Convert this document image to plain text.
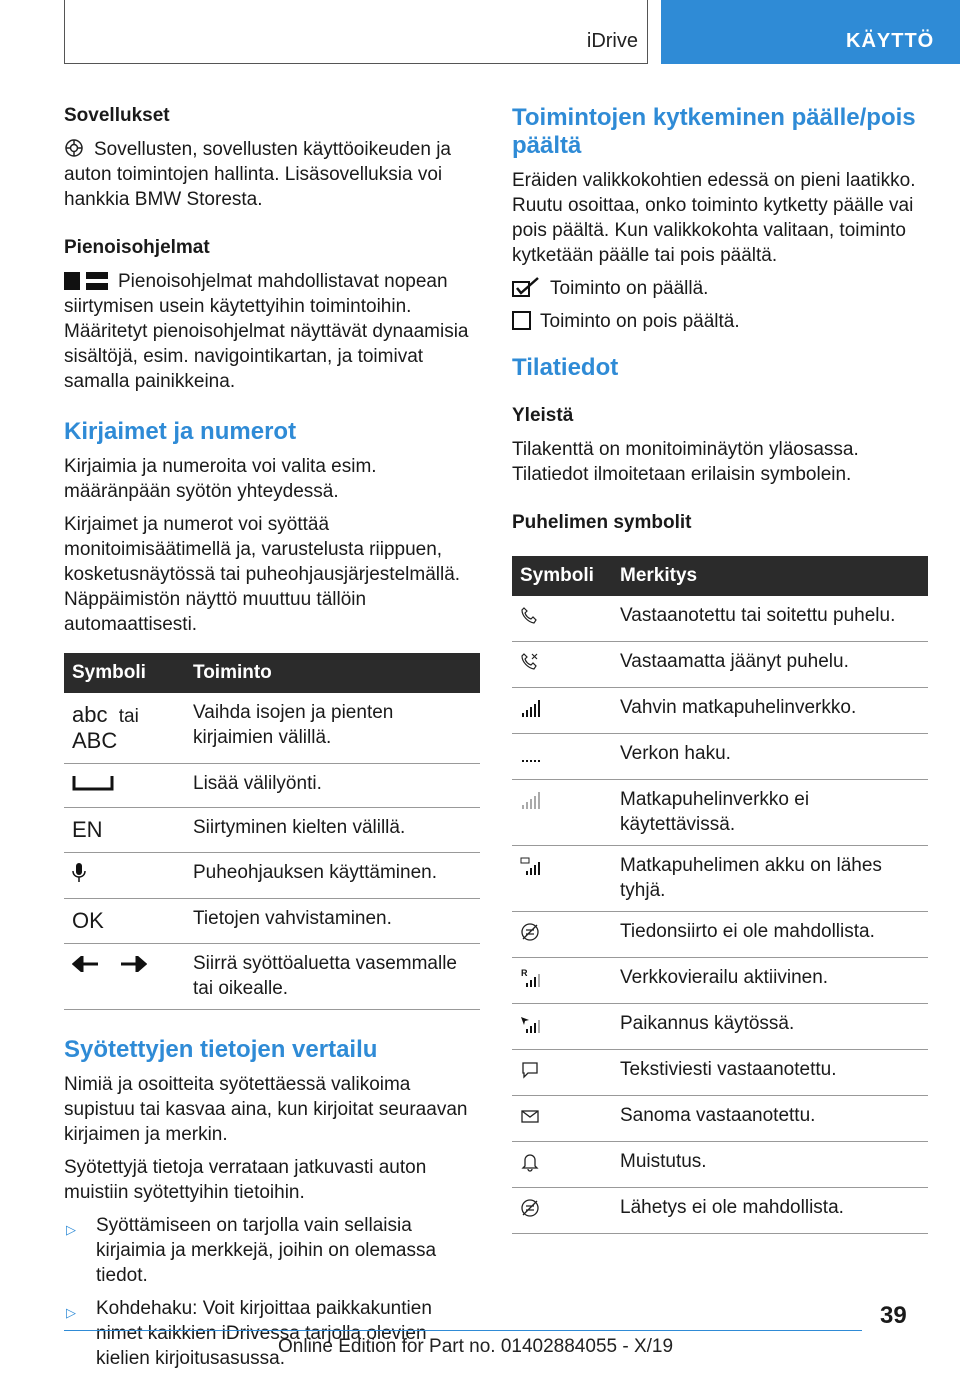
iDrive	KÄYTTÖ
Sovellukset

Sovellusten, sovellusten käyttöoikeuden ja auton toimintojen hallinta. Lisäsovelluksia voi hankkia BMW Storesta.

Pienoisohjelmat

Pienoisohjelmat mahdollistavat nopean siirtymisen usein käytettyihin toimintoihin. Määritetyt pienoisohjelmat näyttävät dynaamisia sisältöjä, esim. navigointikartan, ja toimivat samalla painikkeina.

Kirjaimet ja numerot

Kirjaimia ja numeroita voi valita esim. määränpään syötön yhteydessä.

Kirjaimet ja numerot voi syöttää monitoimisäätimellä ja, varustelusta riippuen, kosketusnäytössä tai puheohjausjärjestelmällä. Näppäimistön näyttö muuttuu tällöin automaattisesti.

Symboli	Toiminto
abc tai
ABC	Vaihda isojen ja pienten kirjaimien välillä.
	Lisää välilyönti.
EN	Siirtyminen kielten välillä.
	Puheohjauksen käyttäminen.
OK	Tietojen vahvistaminen.
	Siirrä syöttöaluetta vasemmalle tai oikealle.
Syötettyjen tietojen vertailu

Nimiä ja osoitteita syötettäessä valikoima supistuu tai kasvaa aina, kun kirjoitat seuraavan kirjaimen ja merkin.

Syötettyjä tietoja verrataan jatkuvasti auton muistiin syötettyihin tietoihin.

▷	Syöttämiseen on tarjolla vain sellaisia kirjaimia ja merkkejä, joihin on olemassa tiedot.
▷	Kohdehaku: Voit kirjoittaa paikkakuntien nimet kaikkien iDrivessa tarjolla olevien kielien kirjoitusasussa.
Toimintojen kytkeminen päälle/pois päältä

Eräiden valikkokohtien edessä on pieni laatikko. Ruutu osoittaa, onko toiminto kytketty päälle vai pois päältä. Kun valikkokohta valitaan, toiminto kytketään päälle tai pois päältä.

Toiminto on päällä.

Toiminto on pois päältä.

Tilatiedot
Yleistä

Tilakenttä on monitoiminäytön yläosassa. Tilatiedot ilmoitetaan erilaisin symbolein.

Puhelimen symbolit
Symboli	Merkitys
	Vastaanotettu tai soitettu puhelu.
	Vastaamatta jäänyt puhelu.
	Vahvin matkapuhelinverkko.
	Verkon haku.
	Matkapuhelinverkko ei käytettävissä.
	Matkapuhelimen akku on lähes tyhjä.
	Tiedonsiirto ei ole mahdollista.

R	Verkkovierailu aktiivinen.
	Paikannus käytössä.
	Tekstiviesti vastaanotettu.
	Sanoma vastaanotettu.
	Muistutus.
	Lähetys ei ole mahdollista.
39
Online Edition for Part no. 01402884055 - X/19
